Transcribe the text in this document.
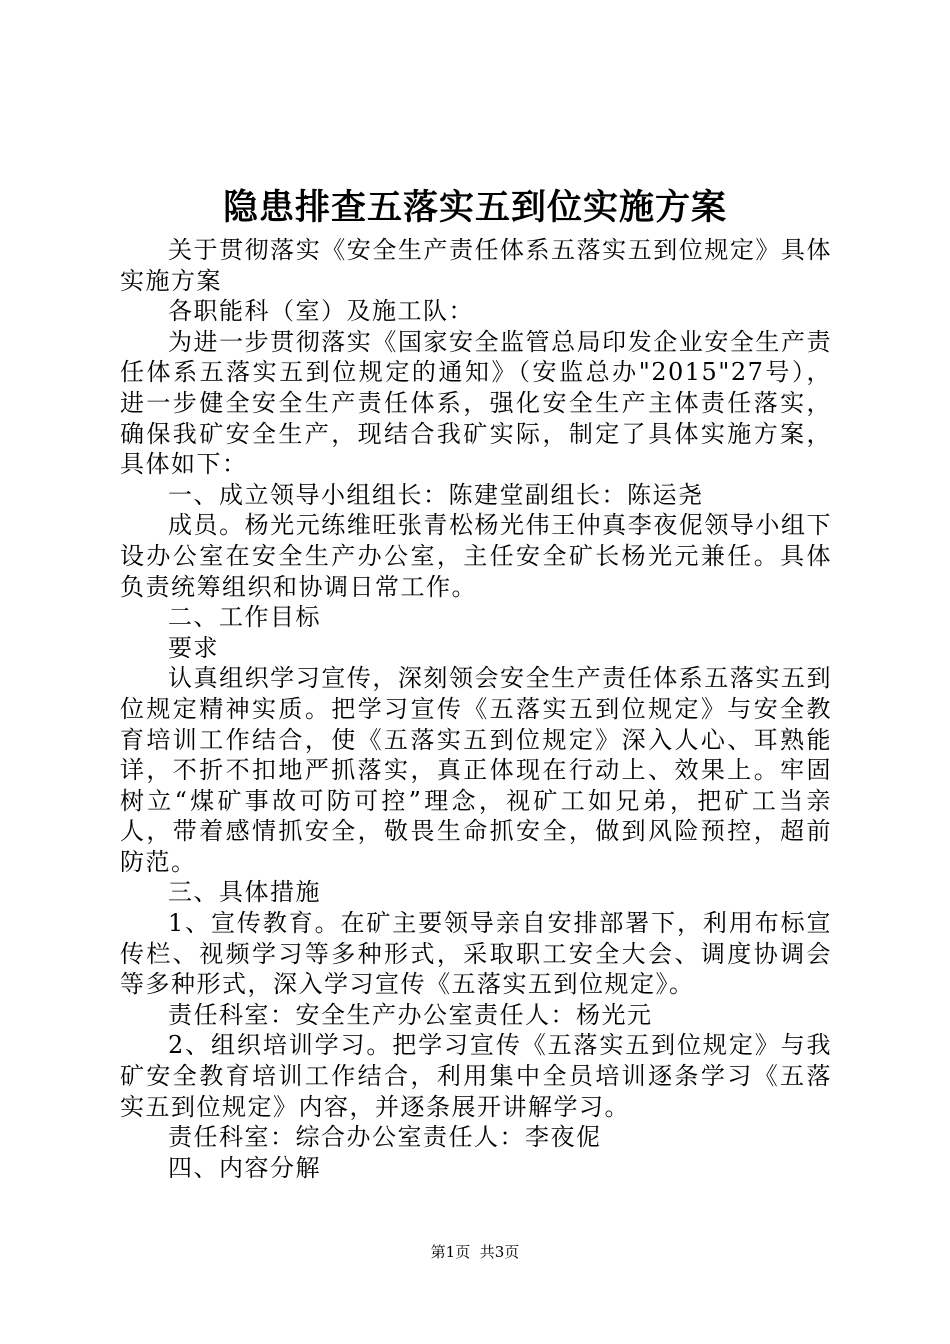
隐患排查五落实五到位实施方案

关于贯彻落实《安全生产责任体系五落实五到位规定》具体实施方案

各职能科（室）及施工队：

为进一步贯彻落实《国家安全监管总局印发企业安全生产责任体系五落实五到位规定的通知》（安监总办"2015"27号），进一步健全安全生产责任体系，强化安全生产主体责任落实，确保我矿安全生产，现结合我矿实际，制定了具体实施方案，具体如下：

一、成立领导小组组长：陈建堂副组长：陈运尧

成员。杨光元练维旺张青松杨光伟王仲真李夜伲领导小组下设办公室在安全生产办公室，主任安全矿长杨光元兼任。具体负责统筹组织和协调日常工作。

二、工作目标

要求

认真组织学习宣传，深刻领会安全生产责任体系五落实五到位规定精神实质。把学习宣传《五落实五到位规定》与安全教育培训工作结合，使《五落实五到位规定》深入人心、耳熟能详，不折不扣地严抓落实，真正体现在行动上、效果上。牢固树立“煤矿事故可防可控”理念，视矿工如兄弟，把矿工当亲人，带着感情抓安全，敬畏生命抓安全，做到风险预控，超前防范。

三、具体措施

1、宣传教育。在矿主要领导亲自安排部署下，利用布标宣传栏、视频学习等多种形式，采取职工安全大会、调度协调会等多种形式，深入学习宣传《五落实五到位规定》。

责任科室：安全生产办公室责任人：杨光元

2、组织培训学习。把学习宣传《五落实五到位规定》与我矿安全教育培训工作结合，利用集中全员培训逐条学习《五落实五到位规定》内容，并逐条展开讲解学习。

责任科室：综合办公室责任人：李夜伲

四、内容分解

第1页 共3页
